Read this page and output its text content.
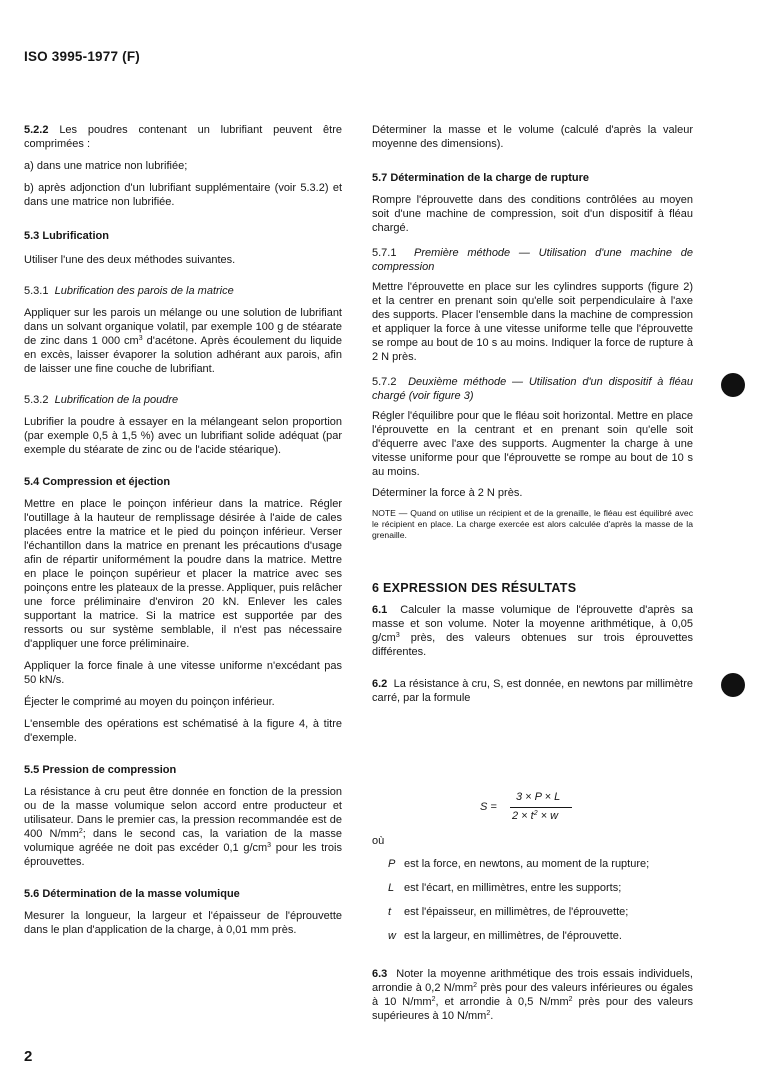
ISO 3995-1977 (F)

5.2.2 Les poudres contenant un lubrifiant peuvent être comprimées :

a) dans une matrice non lubrifiée;

b) après adjonction d'un lubrifiant supplémentaire (voir 5.3.2) et dans une matrice non lubrifiée.

5.3 Lubrification

Utiliser l'une des deux méthodes suivantes.

5.3.1 Lubrification des parois de la matrice

Appliquer sur les parois un mélange ou une solution de lubrifiant dans un solvant organique volatil, par exemple 100 g de stéarate de zinc dans 1 000 $cm^3$ d'acétone. Après écoulement du liquide en excès, laisser évaporer la solution adhérant aux parois, afin de laisser une fine couche de lubrifiant.

5.3.2 Lubrification de la poudre

Lubrifier la poudre à essayer en la mélangeant selon proportion (par exemple 0,5 à 1,5 %) avec un lubrifiant solide adéquat (par exemple du stéarate de zinc ou de l'acide stéarique).

5.4 Compression et éjection

Mettre en place le poinçon inférieur dans la matrice. Régler l'outillage à la hauteur de remplissage désirée à l'aide de cales placées entre la matrice et le pied du poinçon inférieur. Verser l'échantillon dans la matrice en prenant les précautions d'usage afin de répartir uniformément la poudre dans la matrice. Mettre en place le poinçon supérieur et placer la matrice avec ses poinçons entre les plateaux de la presse. Appliquer, puis relâcher une force préliminaire d'environ 20 kN. Enlever les cales supportant la matrice. Si la matrice est supportée par des ressorts ou sur système semblable, il n'est pas nécessaire d'appliquer une force préliminaire.

Appliquer la force finale à une vitesse uniforme n'excédant pas 50 kN/s.

Éjecter le comprimé au moyen du poinçon inférieur.

L'ensemble des opérations est schématisé à la figure 4, à titre d'exemple.

5.5 Pression de compression

La résistance à cru peut être donnée en fonction de la pression ou de la masse volumique selon accord entre producteur et utilisateur. Dans le premier cas, la pression recommandée est de 400 $N/mm^2$; dans le second cas, la variation de la masse volumique agréée ne doit pas excéder 0,1 $g/cm^3$ pour les trois éprouvettes.

5.6 Détermination de la masse volumique

Mesurer la longueur, la largeur et l'épaisseur de l'éprouvette dans le plan d'application de la charge, à 0,01 mm près.

Déterminer la masse et le volume (calculé d'après la valeur moyenne des dimensions).

5.7 Détermination de la charge de rupture

Rompre l'éprouvette dans des conditions contrôlées au moyen soit d'une machine de compression, soit d'un dispositif à fléau chargé.

5.7.1 Première méthode — Utilisation d'une machine de compression

Mettre l'éprouvette en place sur les cylindres supports (figure 2) et la centrer en prenant soin qu'elle soit perpendiculaire à l'axe des supports. Placer l'ensemble dans la machine de compression et appliquer la force à une vitesse uniforme telle que l'éprouvette se rompe au bout de 10 s au moins. Indiquer la force de rupture à 2 N près.

5.7.2 Deuxième méthode — Utilisation d'un dispositif à fléau chargé (voir figure 3)

Régler l'équilibre pour que le fléau soit horizontal. Mettre en place l'éprouvette en la centrant et en prenant soin qu'elle soit d'équerre avec l'axe des supports. Augmenter la charge à une vitesse uniforme pour que l'éprouvette se rompe au bout de 10 s au moins.

Déterminer la force à 2 N près.

NOTE — Quand on utilise un récipient et de la grenaille, le fléau est équilibré avec le récipient en place. La charge exercée est alors calculée d'après la masse de la grenaille.

6 EXPRESSION DES RÉSULTATS

6.1 Calculer la masse volumique de l'éprouvette d'après sa masse et son volume. Noter la moyenne arithmétique, à 0,05 $g/cm^3$ près, des valeurs obtenues sur trois éprouvettes différentes.

6.2 La résistance à cru, S, est donnée, en newtons par millimètre carré, par la formule

S =
3 × P × L
$2 \times t^2 \times w$
où
P est la force, en newtons, au moment de la rupture;
L est l'écart, en millimètres, entre les supports;
t est l'épaisseur, en millimètres, de l'éprouvette;
w est la largeur, en millimètres, de l'éprouvette.

6.3 Noter la moyenne arithmétique des trois essais individuels, arrondie à 0,2 $N/mm^2$ près pour des valeurs inférieures ou égales à 10 $N/mm^2$, et arrondie à 0,5 $N/mm^2$ près pour des valeurs supérieures à 10 $N/mm^2$.

2
